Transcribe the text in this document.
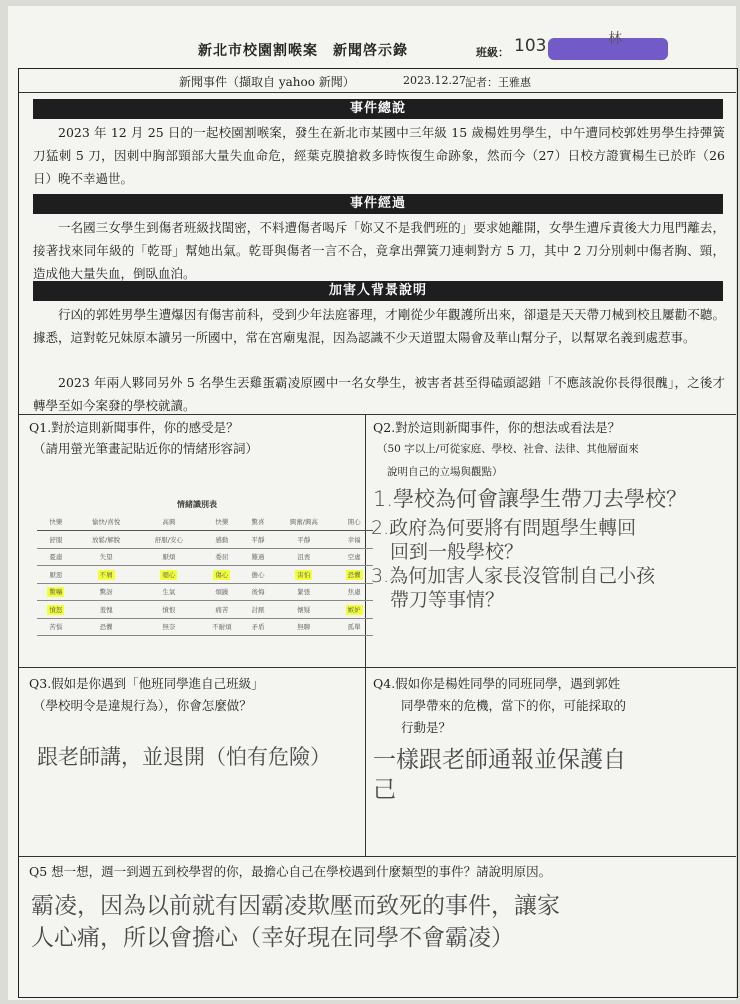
新北市校園割喉案　新聞啓示錄	班級： 103	林
新聞事件（擷取自 yahoo 新聞）	2023.12.27 記者：王雅惠
事件總說
2023 年 12 月 25 日的一起校園割喉案，發生在新北市某國中三年級 15 歲楊姓男學生，中午遭同校郭姓男學生持彈簧刀猛刺 5 刀，因刺中胸部頸部大量失血命危，經葉克膜搶救多時恢復生命跡象，然而今（27）日校方證實楊生已於昨（26 日）晚不幸過世。
事件經過
一名國三女學生到傷者班級找閨密，不料遭傷者喝斥「妳又不是我們班的」要求她離開，女學生遭斥責後大力甩門離去，接著找來同年級的「乾哥」幫她出氣。乾哥與傷者一言不合，竟拿出彈簧刀連刺對方 5 刀，其中 2 刀分別刺中傷者胸、頸，造成他大量失血，倒臥血泊。
加害人背景說明
行凶的郭姓男學生遭爆因有傷害前科，受到少年法庭審理，才剛從少年觀護所出來，卻還是天天帶刀械到校且屢勸不聽。據悉，這對乾兄妹原本讀另一所國中，常在宮廟鬼混，因為認識不少天道盟太陽會及華山幫分子，以幫眾名義到處惹事。
2023 年兩人夥同另外 5 名學生丟雞蛋霸凌原國中一名女學生，被害者甚至得磕頭認錯「不應該說你長得很醜」，之後才轉學至如今案發的學校就讀。
Q1.對於這則新聞事件，你的感受是？
（請用螢光筆畫記貼近你的情緒形容詞）
Q2.對於這則新聞事件，你的想法或看法是？
（50 字以上/可從家庭、學校、社會、法律、其他層面來
說明自己的立場與觀點）
1.學校為何會讓學生帶刀去學校？
2.政府為何要將有問題學生轉回
　回到一般學校？
3.為何加害人家長沒管制自己小孩
　帶刀等事情？
情緒識別表
快樂	愉快/喜悅	高興	快樂	驚喜	興奮/興高	開心
舒服	放鬆/解脫	舒服/安心	感動	平靜	平靜	幸福
憂慮	失望	厭煩	委屈	難過	沮喪	空虛
厭惡	不屑	噁心	傷心	擔心	害怕	恐懼
驚嚇	驚訝	生氣	煩躁	後悔	緊張	焦慮
憤怒	羞愧	憤恨	痛苦	討厭	懷疑	嫉妒
苦惱	恐懼	無奈	不耐煩	矛盾	無聊	孤單
Q3.假如是你遇到「他班同學進自己班級」
（學校明令是違規行為），你會怎麼做？
跟老師講，並退開（怕有危險）
Q4.假如你是楊姓同學的同班同學，遇到郭姓
同學帶來的危機，當下的你，可能採取的
行動是？
一樣跟老師通報並保護自
己
Q5 想一想，週一到週五到校學習的你，最擔心自己在學校遇到什麼類型的事件？請說明原因。
霸凌，因為以前就有因霸凌欺壓而致死的事件，讓家
人心痛，所以會擔心（幸好現在同學不會霸凌）
